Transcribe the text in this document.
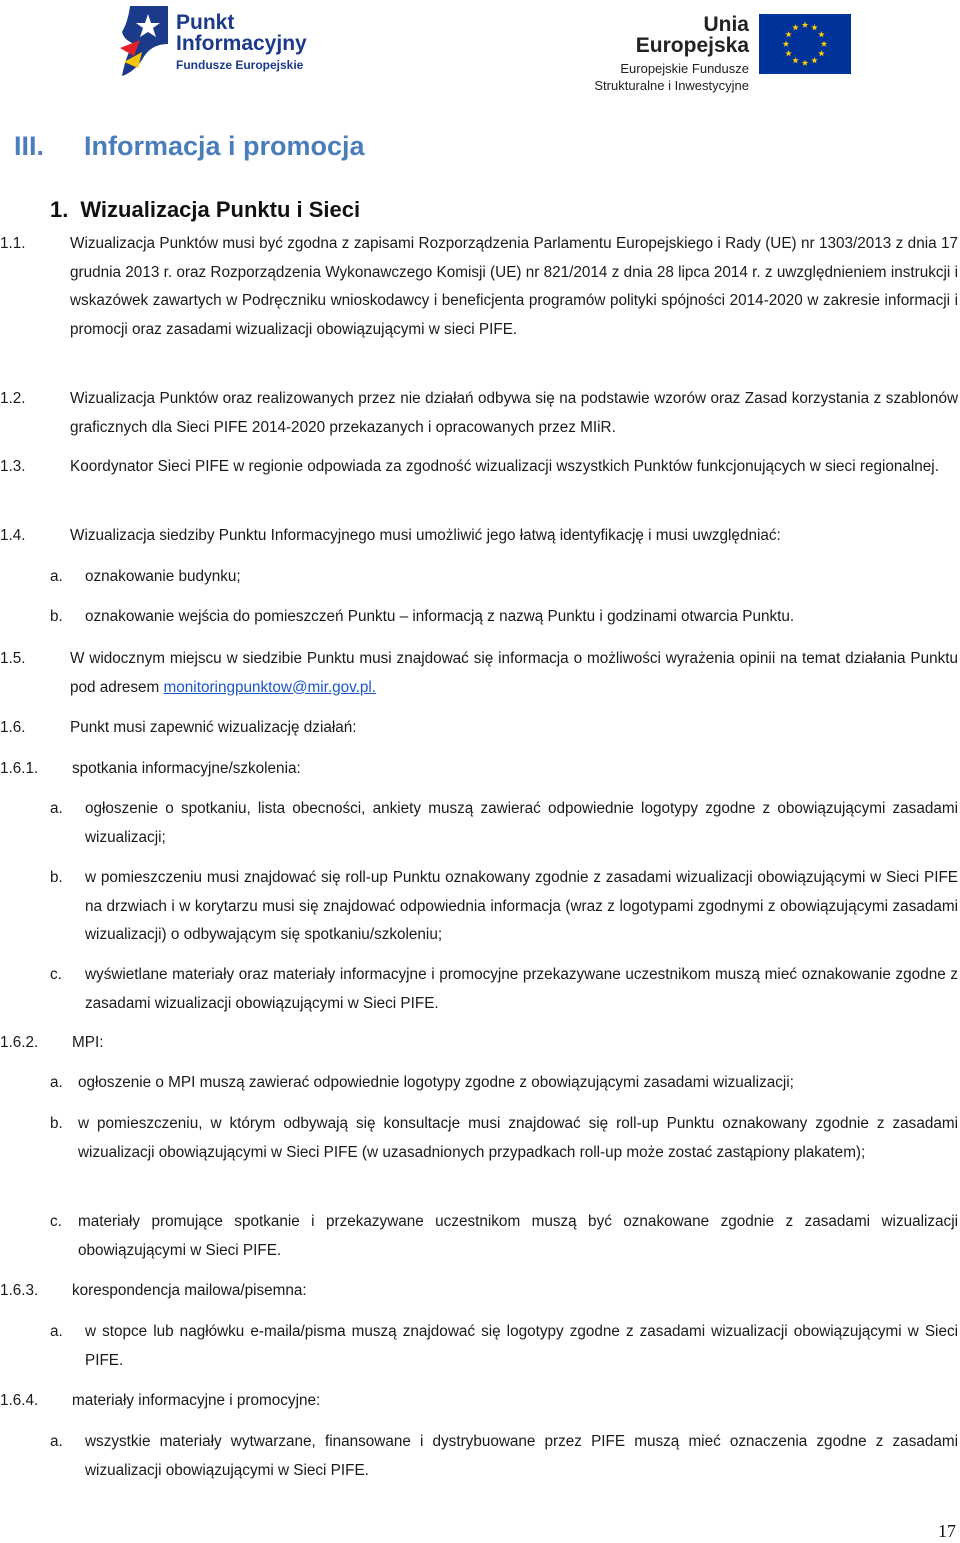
Punkt
Informacyjny
Fundusze Europejskie
Unia Europejska
Europejskie Fundusze
Strukturalne i Inwestycyjne
III. Informacja i promocja
1. Wizualizacja Punktu i Sieci
1.1.	Wizualizacja Punktów musi być zgodna z zapisami Rozporządzenia Parlamentu Europejskiego i Rady (UE) nr 1303/2013 z dnia 17 grudnia 2013 r. oraz Rozporządzenia Wykonawczego Komisji (UE) nr 821/2014 z dnia 28 lipca 2014 r. z uwzględnieniem instrukcji i wskazówek zawartych w Podręczniku wnioskodawcy i beneficjenta programów polityki spójności 2014-2020 w zakresie informacji i promocji oraz zasadami wizualizacji obowiązującymi w sieci PIFE.
1.2.	Wizualizacja Punktów oraz realizowanych przez nie działań odbywa się na podstawie wzorów oraz Zasad korzystania z szablonów graficznych dla Sieci PIFE 2014-2020 przekazanych i opracowanych przez MIiR.
1.3.	Koordynator Sieci PIFE w regionie odpowiada za zgodność wizualizacji wszystkich Punktów funkcjonujących w sieci regionalnej.
1.4.	Wizualizacja siedziby Punktu Informacyjnego musi umożliwić jego łatwą identyfikację i musi uwzględniać:
a. oznakowanie budynku;
b. oznakowanie wejścia do pomieszczeń Punktu – informacją z nazwą Punktu i godzinami otwarcia Punktu.
1.5.	W widocznym miejscu w siedzibie Punktu musi znajdować się informacja o możliwości wyrażenia opinii na temat działania Punktu pod adresem monitoringpunktow@mir.gov.pl.
1.6.	Punkt musi zapewnić wizualizację działań:
1.6.1. spotkania informacyjne/szkolenia:
a. ogłoszenie o spotkaniu, lista obecności, ankiety muszą zawierać odpowiednie logotypy zgodne z obowiązującymi zasadami wizualizacji;
b. w pomieszczeniu musi znajdować się roll-up Punktu oznakowany zgodnie z zasadami wizualizacji obowiązującymi w Sieci PIFE na drzwiach i w korytarzu musi się znajdować odpowiednia informacja (wraz z logotypami zgodnymi z obowiązującymi zasadami wizualizacji) o odbywającym się spotkaniu/szkoleniu;
c. wyświetlane materiały oraz materiały informacyjne i promocyjne przekazywane uczestnikom muszą mieć oznakowanie zgodne z zasadami wizualizacji obowiązującymi w Sieci PIFE.
1.6.2. MPI:
a. ogłoszenie o MPI muszą zawierać odpowiednie logotypy zgodne z obowiązującymi zasadami wizualizacji;
b. w pomieszczeniu, w którym odbywają się konsultacje musi znajdować się roll-up Punktu oznakowany zgodnie z zasadami wizualizacji obowiązującymi w Sieci PIFE (w uzasadnionych przypadkach roll-up może zostać zastąpiony plakatem);
c. materiały promujące spotkanie i przekazywane uczestnikom muszą być oznakowane zgodnie z zasadami wizualizacji obowiązującymi w Sieci PIFE.
1.6.3. korespondencja mailowa/pisemna:
a. w stopce lub nagłówku e-maila/pisma muszą znajdować się logotypy zgodne z zasadami wizualizacji obowiązującymi w Sieci PIFE.
1.6.4. materiały informacyjne i promocyjne:
a. wszystkie materiały wytwarzane, finansowane i dystrybuowane przez PIFE muszą mieć oznaczenia zgodne z zasadami wizualizacji obowiązującymi w Sieci PIFE.
17
